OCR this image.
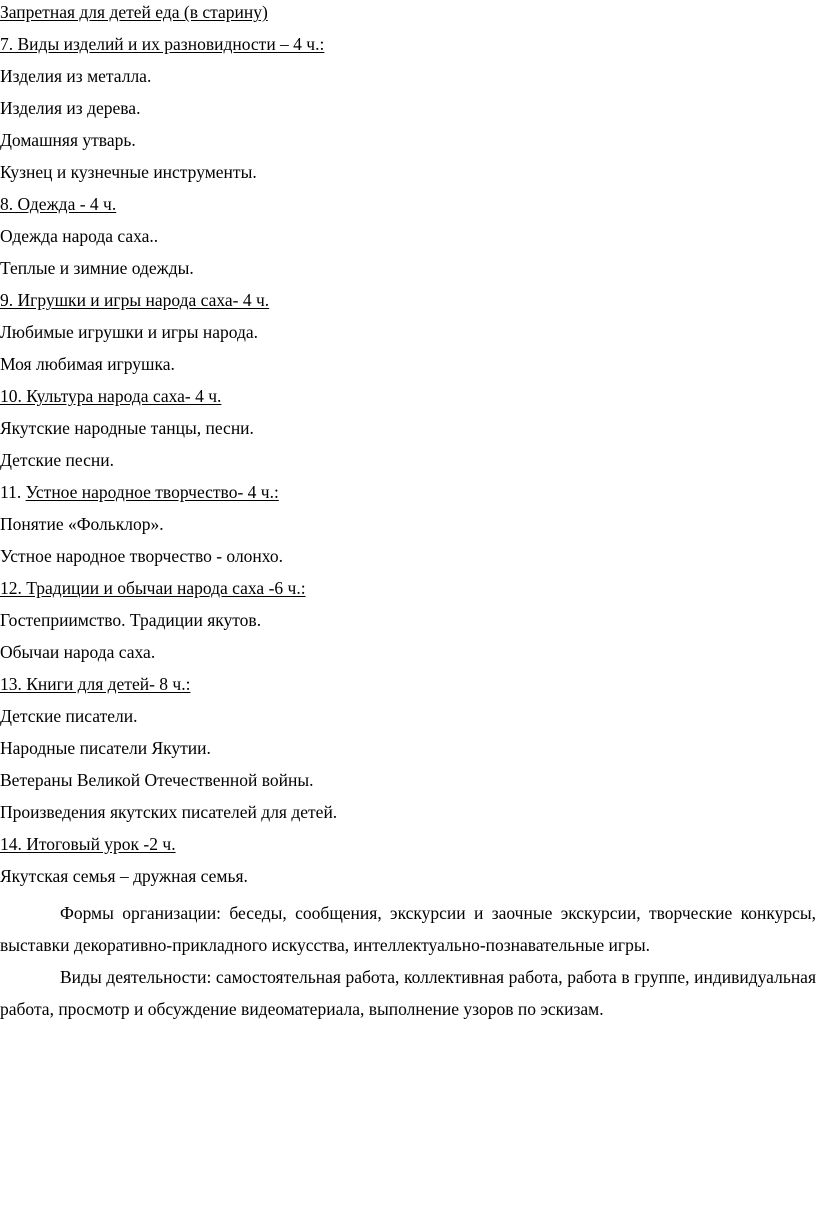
Запретная для детей еда (в старину)
7. Виды изделий и их разновидности – 4 ч.:
Изделия из металла.
Изделия из дерева.
Домашняя утварь.
Кузнец и кузнечные инструменты.
8. Одежда - 4 ч.
Одежда народа саха..
Теплые и зимние одежды.
9. Игрушки и игры народа саха- 4 ч.
Любимые игрушки и игры народа.
Моя любимая игрушка.
10. Культура народа саха- 4 ч.
Якутские народные танцы, песни.
Детские песни.
11. Устное народное творчество- 4 ч.:
Понятие «Фольклор».
Устное народное творчество - олонхо.
12. Традиции и обычаи народа саха -6 ч.:
Гостеприимство. Традиции якутов.
Обычаи народа саха.
13. Книги для детей- 8 ч.:
Детские писатели.
Народные писатели Якутии.
Ветераны Великой Отечественной войны.
Произведения якутских писателей для детей.
14. Итоговый урок -2 ч.
Якутская семья – дружная семья.

Формы организации: беседы, сообщения, экскурсии и заочные экскурсии, творческие конкурсы, выставки декоративно-прикладного искусства, интеллектуально-познавательные игры.

Виды деятельности: самостоятельная работа, коллективная работа, работа в группе, индивидуальная работа, просмотр и обсуждение видеоматериала, выполнение узоров по эскизам.
